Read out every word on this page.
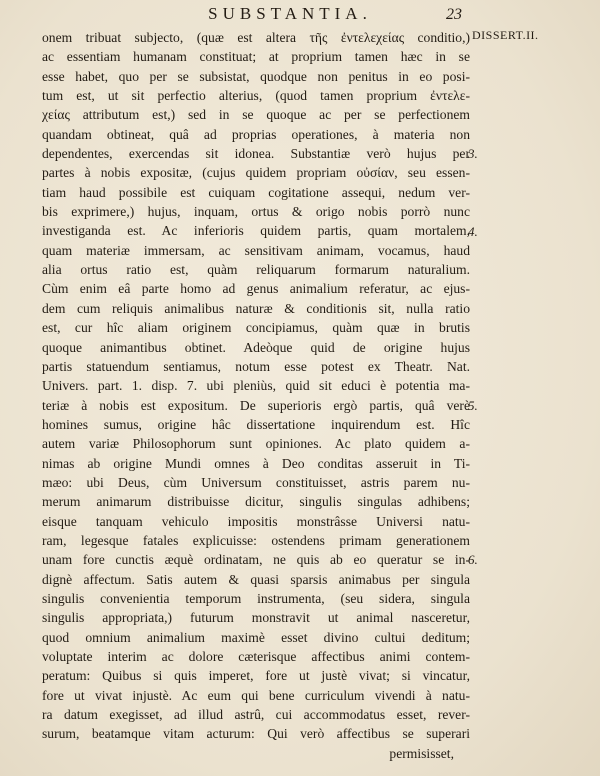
SUBSTANTIA.	23
DISSERT.II.
onem tribuat subjecto, (quæ est altera τῆς ἐντελεχείας conditio,)
ac essentiam humanam constituat; at proprium tamen hæc in se
esse habet, quo per se subsistat, quodque non penitus in eo posi-
tum est, ut sit perfectio alterius, (quod tamen proprium ἐντελε-
χείας attributum est,) sed in se quoque ac per se perfectionem
quandam obtineat, quâ ad proprias operationes, à materia non
dependentes, exercendas sit idonea. Substantiæ verò hujus per
partes à nobis expositæ, (cujus quidem propriam οὐσίαν, seu essen-
tiam haud possibile est cuiquam cogitatione assequi, nedum ver-
bis exprimere,) hujus, inquam, ortus & origo nobis porrò nunc
investiganda est. Ac inferioris quidem partis, quam mortalem,
quam materiæ immersam, ac sensitivam animam, vocamus, haud
alia ortus ratio est, quàm reliquarum formarum naturalium.
Cùm enim eâ parte homo ad genus animalium referatur, ac ejus-
dem cum reliquis animalibus naturæ & conditionis sit, nulla ratio
est, cur hîc aliam originem concipiamus, quàm quæ in brutis
quoque animantibus obtinet. Adeòque quid de origine hujus
partis statuendum sentiamus, notum esse potest ex Theatr. Nat.
Univers. part. 1. disp. 7. ubi pleniùs, quid sit educi è potentia ma-
teriæ à nobis est expositum. De superioris ergò partis, quâ verè
homines sumus, origine hâc dissertatione inquirendum est. Hîc
autem variæ Philosophorum sunt opiniones. Ac plato quidem a-
nimas ab origine Mundi omnes à Deo conditas asseruit in Ti-
mæo: ubi Deus, cùm Universum constituisset, astris parem nu-
merum animarum distribuisse dicitur, singulis singulas adhibens;
eisque tanquam vehiculo impositis monstrâsse Universi natu-
ram, legesque fatales explicuisse: ostendens primam generationem
unam fore cunctis æquè ordinatam, ne quis ab eo queratur se in-
dignè affectum. Satis autem & quasi sparsis animabus per singula
singulis convenientia temporum instrumenta, (seu sidera, singula
singulis appropriata,) futurum monstravit ut animal nasceretur,
quod omnium animalium maximè esset divino cultui deditum;
voluptate interim ac dolore cæterisque affectibus animi contem-
peratum: Quibus si quis imperet, fore ut justè vivat; si vincatur,
fore ut vivat injustè. Ac eum qui bene curriculum vivendi à natu-
ra datum exegisset, ad illud astrû, cui accommodatus esset, rever-
surum, beatamque vitam acturum: Qui verò affectibus se superari
permisisset,
3.
4.
5.
6.
